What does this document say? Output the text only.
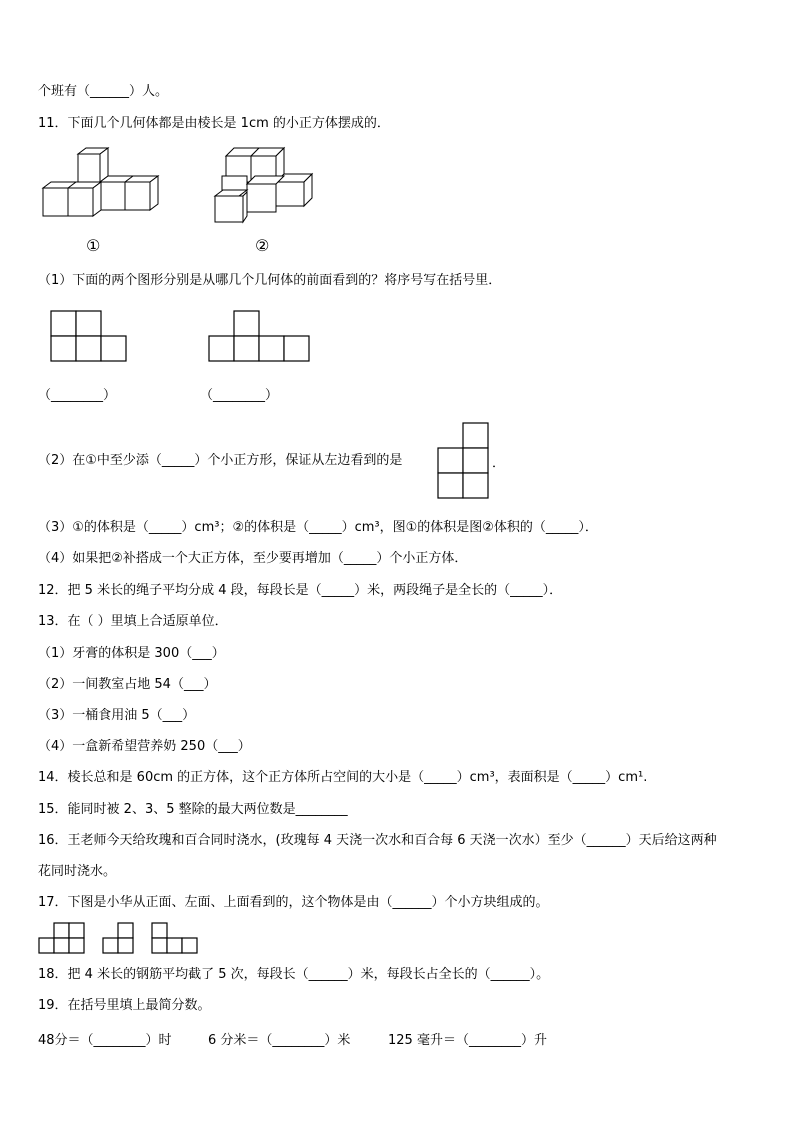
个班有（______）人。
11．下面几个几何体都是由棱长是 1cm 的小正方体摆成的．
①	②
（1）下面的两个图形分别是从哪几个几何体的前面看到的？将序号写在括号里．
（________）	（________）
（2）在①中至少添（_____）个小正方形，保证从左边看到的是	．
（3）①的体积是（_____）cm³；②的体积是（_____）cm³，图①的体积是图②体积的（_____）．
（4）如果把②补搭成一个大正方体，至少要再增加（_____）个小正方体．
12．把 5 米长的绳子平均分成 4 段，每段长是（_____）米，两段绳子是全长的（_____）．
13．在（ ）里填上合适原单位．
（1）牙膏的体积是 300（___）
（2）一间教室占地 54（___）
（3）一桶食用油 5（___）
（4）一盒新希望营养奶 250（___）
14．棱长总和是 60cm 的正方体，这个正方体所占空间的大小是（_____）cm³，表面积是（_____）cm¹.
15．能同时被 2、3、5 整除的最大两位数是________
16．王老师今天给玫瑰和百合同时浇水，(玫瑰每 4 天浇一次水和百合每 6 天浇一次水）至少（______）天后给这两种
花同时浇水。
17．下图是小华从正面、左面、上面看到的，这个物体是由（______）个小方块组成的。
18．把 4 米长的钢筋平均截了 5 次，每段长（______）米，每段长占全长的（______）。
19．在括号里填上最简分数。
48分＝（________）时	6 分米＝（________）米	125 毫升＝（________）升
